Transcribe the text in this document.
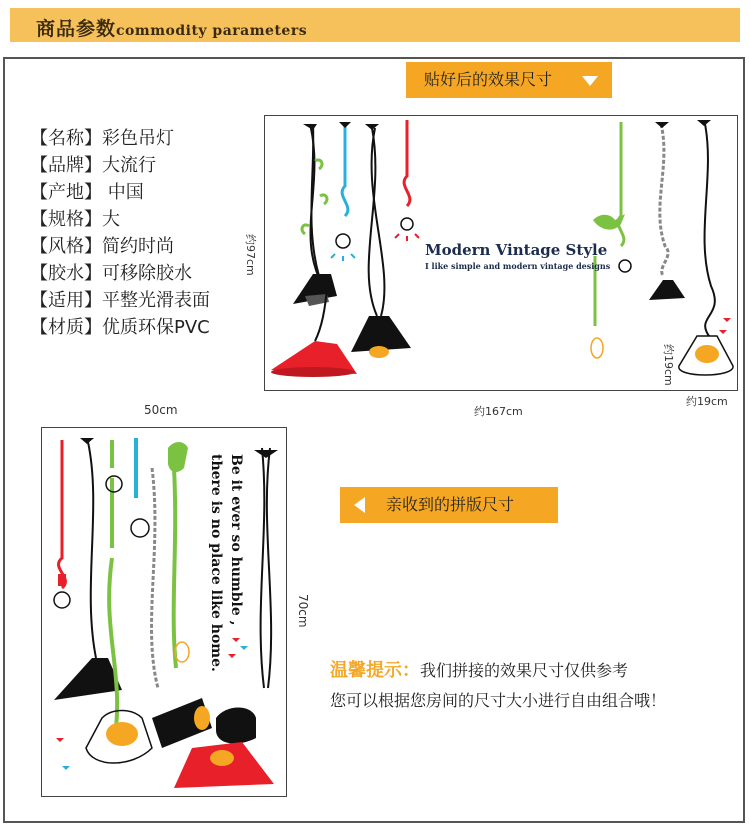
商品参数commodity parameters
贴好后的效果尺寸
【名称】彩色吊灯
【品牌】大流行
【产地】 中国
【规格】大
【风格】简约时尚
【胶水】可移除胶水
【适用】平整光滑表面
【材质】优质环保PVC
Modern Vintage Style
I like simple and modern vintage designs
约97cm
约19cm
约167cm
约19cm
50cm
Be it ever so humble ,
there is no place like home.	70cm
亲收到的拼版尺寸
温馨提示：我们拼接的效果尺寸仅供参考
您可以根据您房间的尺寸大小进行自由组合哦！
